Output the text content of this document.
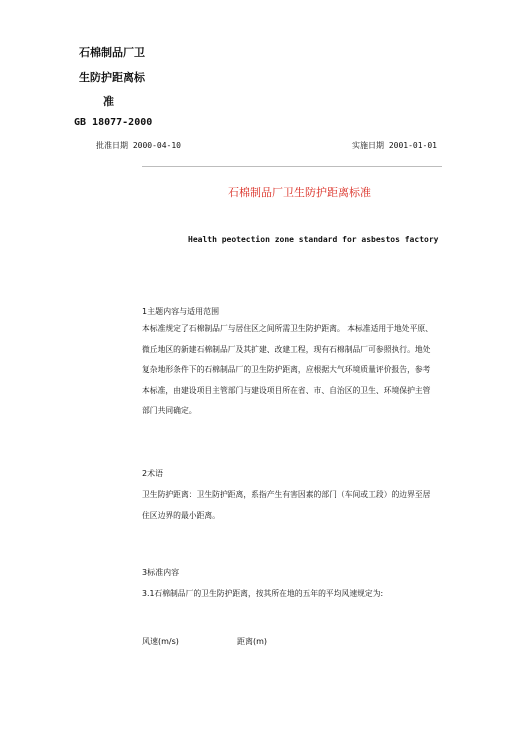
石棉制品厂卫
生防护距离标
准
GB 18077-2000
批准日期 2000-04-10	实施日期 2001-01-01
石棉制品厂卫生防护距离标准
Health peotection zone standard for asbestos factory
1主题内容与适用范围
本标准规定了石棉制品厂与居住区之间所需卫生防护距离。 本标准适用于地处平原、
微丘地区的新建石棉制品厂及其扩建、改建工程，现有石棉制品厂可参照执行。地处
复杂地形条件下的石棉制品厂的卫生防护距离，应根据大气环境质量评价报告，参考
本标准，由建设项目主管部门与建设项目所在省、市、自治区的卫生、环境保护主管
部门共同确定。
2术语
卫生防护距离：卫生防护距离，系指产生有害因素的部门（车间或工段）的边界至居
住区边界的最小距离。
3标准内容
3.1石棉制品厂的卫生防护距离，按其所在地的五年的平均风速规定为:
风速(m/s)	距离(m)
